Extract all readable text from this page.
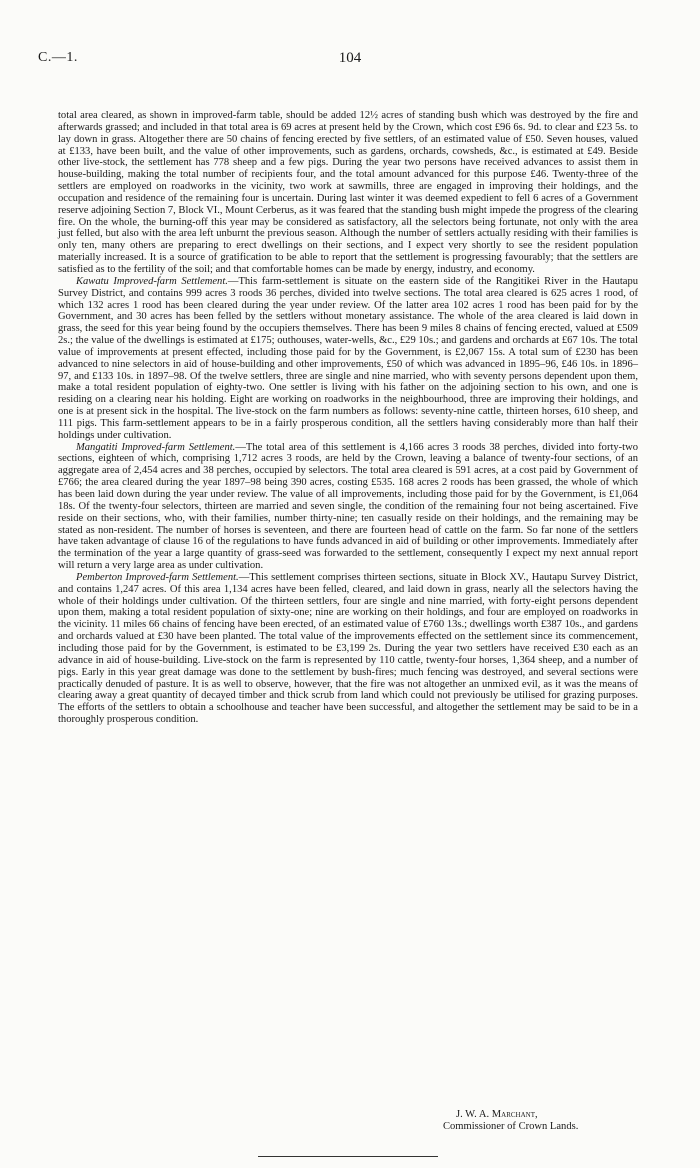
C.—1.	104

total area cleared, as shown in improved-farm table, should be added 12½ acres of standing bush which was destroyed by the fire and afterwards grassed; and included in that total area is 69 acres at present held by the Crown, which cost £96 6s. 9d. to clear and £23 5s. to lay down in grass. Altogether there are 50 chains of fencing erected by five settlers, of an estimated value of £50. Seven houses, valued at £133, have been built, and the value of other improvements, such as gardens, orchards, cowsheds, &c., is estimated at £49. Beside other live-stock, the settlement has 778 sheep and a few pigs. During the year two persons have received advances to assist them in house-building, making the total number of recipients four, and the total amount advanced for this purpose £46. Twenty-three of the settlers are employed on roadworks in the vicinity, two work at sawmills, three are engaged in improving their holdings, and the occupation and residence of the remaining four is uncertain. During last winter it was deemed expedient to fell 6 acres of a Government reserve adjoining Section 7, Block VI., Mount Cerberus, as it was feared that the standing bush might impede the progress of the clearing fire. On the whole, the burning-off this year may be considered as satisfactory, all the selectors being fortunate, not only with the area just felled, but also with the area left unburnt the previous season. Although the number of settlers actually residing with their families is only ten, many others are preparing to erect dwellings on their sections, and I expect very shortly to see the resident population materially increased. It is a source of gratification to be able to report that the settlement is progressing favourably; that the settlers are satisfied as to the fertility of the soil; and that comfortable homes can be made by energy, industry, and economy.

Kawatu Improved-farm Settlement.—This farm-settlement is situate on the eastern side of the Rangitikei River in the Hautapu Survey District, and contains 999 acres 3 roods 36 perches, divided into twelve sections. The total area cleared is 625 acres 1 rood, of which 132 acres 1 rood has been cleared during the year under review. Of the latter area 102 acres 1 rood has been paid for by the Government, and 30 acres has been felled by the settlers without monetary assistance. The whole of the area cleared is laid down in grass, the seed for this year being found by the occupiers themselves. There has been 9 miles 8 chains of fencing erected, valued at £509 2s.; the value of the dwellings is estimated at £175; outhouses, water-wells, &c., £29 10s.; and gardens and orchards at £67 10s. The total value of improvements at present effected, including those paid for by the Government, is £2,067 15s. A total sum of £230 has been advanced to nine selectors in aid of house-building and other improvements, £50 of which was advanced in 1895–96, £46 10s. in 1896–97, and £133 10s. in 1897–98. Of the twelve settlers, three are single and nine married, who with seventy persons dependent upon them, make a total resident population of eighty-two. One settler is living with his father on the adjoining section to his own, and one is residing on a clearing near his holding. Eight are working on roadworks in the neighbourhood, three are improving their holdings, and one is at present sick in the hospital. The live-stock on the farm numbers as follows: seventy-nine cattle, thirteen horses, 610 sheep, and 111 pigs. This farm-settlement appears to be in a fairly prosperous condition, all the settlers having considerably more than half their holdings under cultivation.

Mangatiti Improved-farm Settlement.—The total area of this settlement is 4,166 acres 3 roods 38 perches, divided into forty-two sections, eighteen of which, comprising 1,712 acres 3 roods, are held by the Crown, leaving a balance of twenty-four sections, of an aggregate area of 2,454 acres and 38 perches, occupied by selectors. The total area cleared is 591 acres, at a cost paid by Government of £766; the area cleared during the year 1897–98 being 390 acres, costing £535. 168 acres 2 roods has been grassed, the whole of which has been laid down during the year under review. The value of all improvements, including those paid for by the Government, is £1,064 18s. Of the twenty-four selectors, thirteen are married and seven single, the condition of the remaining four not being ascertained. Five reside on their sections, who, with their families, number thirty-nine; ten casually reside on their holdings, and the remaining may be stated as non-resident. The number of horses is seventeen, and there are fourteen head of cattle on the farm. So far none of the settlers have taken advantage of clause 16 of the regulations to have funds advanced in aid of building or other improvements. Immediately after the termination of the year a large quantity of grass-seed was forwarded to the settlement, consequently I expect my next annual report will return a very large area as under cultivation.

Pemberton Improved-farm Settlement.—This settlement comprises thirteen sections, situate in Block XV., Hautapu Survey District, and contains 1,247 acres. Of this area 1,134 acres have been felled, cleared, and laid down in grass, nearly all the selectors having the whole of their holdings under cultivation. Of the thirteen settlers, four are single and nine married, with forty-eight persons dependent upon them, making a total resident population of sixty-one; nine are working on their holdings, and four are employed on roadworks in the vicinity. 11 miles 66 chains of fencing have been erected, of an estimated value of £760 13s.; dwellings worth £387 10s., and gardens and orchards valued at £30 have been planted. The total value of the improvements effected on the settlement since its commencement, including those paid for by the Government, is estimated to be £3,199 2s. During the year two settlers have received £30 each as an advance in aid of house-building. Live-stock on the farm is represented by 110 cattle, twenty-four horses, 1,364 sheep, and a number of pigs. Early in this year great damage was done to the settlement by bush-fires; much fencing was destroyed, and several sections were practically denuded of pasture. It is as well to observe, however, that the fire was not altogether an unmixed evil, as it was the means of clearing away a great quantity of decayed timber and thick scrub from land which could not previously be utilised for grazing purposes. The efforts of the settlers to obtain a schoolhouse and teacher have been successful, and altogether the settlement may be said to be in a thoroughly prosperous condition.

J. W. A. Marchant,
Commissioner of Crown Lands.
